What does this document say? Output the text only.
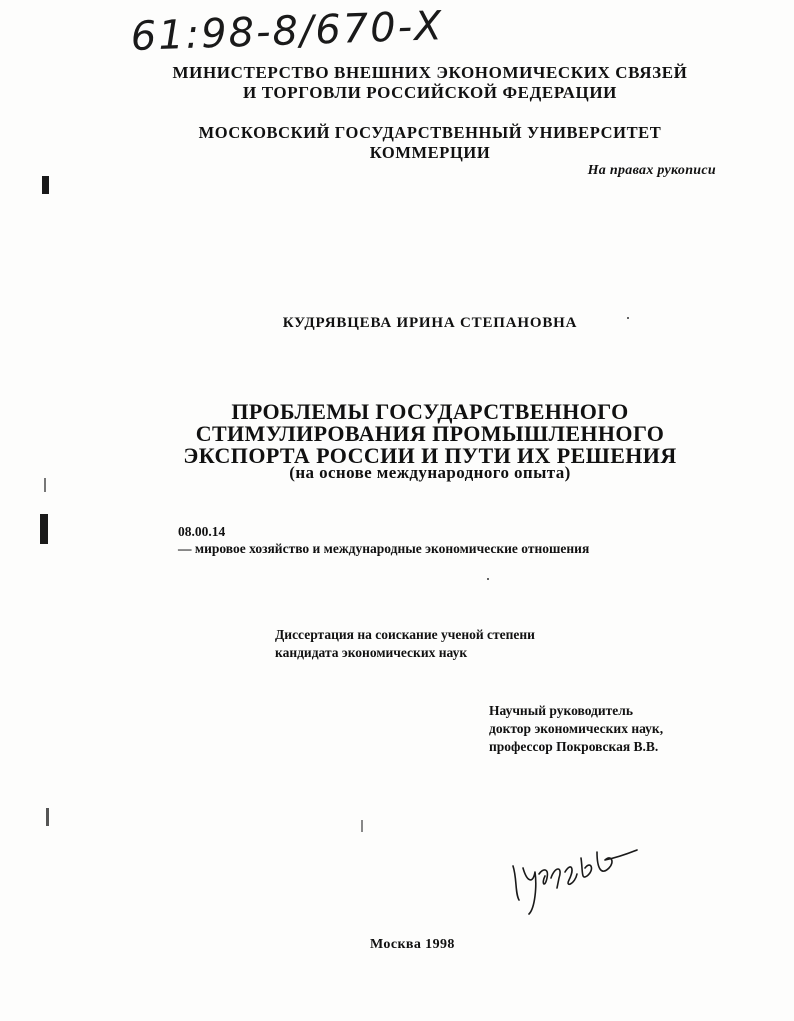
61:98-8/670-Х
МИНИСТЕРСТВО ВНЕШНИХ ЭКОНОМИЧЕСКИХ СВЯЗЕЙ
И ТОРГОВЛИ РОССИЙСКОЙ ФЕДЕРАЦИИ
МОСКОВСКИЙ ГОСУДАРСТВЕННЫЙ УНИВЕРСИТЕТ КОММЕРЦИИ
На правах рукописи
КУДРЯВЦЕВА ИРИНА СТЕПАНОВНА
ПРОБЛЕМЫ ГОСУДАРСТВЕННОГО
СТИМУЛИРОВАНИЯ ПРОМЫШЛЕННОГО
ЭКСПОРТА РОССИИ И ПУТИ ИХ РЕШЕНИЯ
(на основе международного опыта)
08.00.14— мировое хозяйство и международные экономические отношения
Диссертация на соискание ученой степени
кандидата экономических наук
Научный руководитель
доктор экономических наук,
профессор Покровская В.В.
Москва 1998
